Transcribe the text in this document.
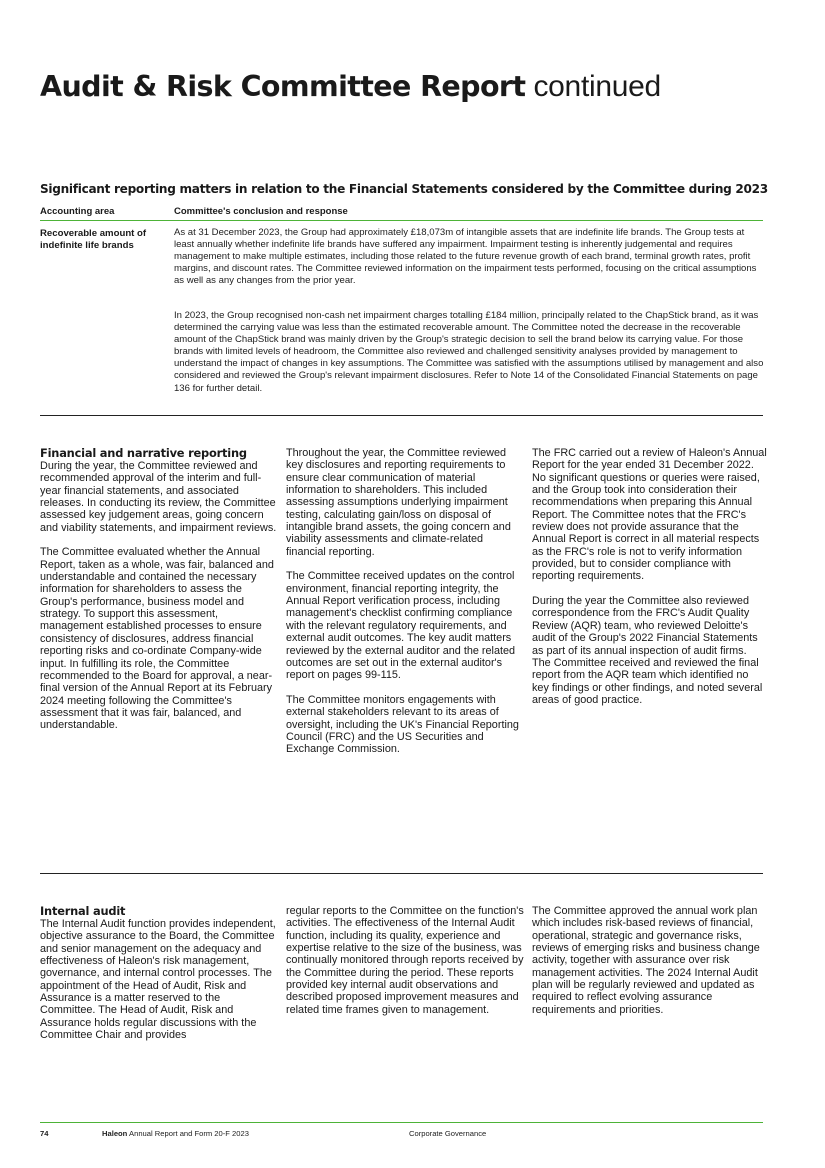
Audit & Risk Committee Report continued
Significant reporting matters in relation to the Financial Statements considered by the Committee during 2023
Accounting area	Committee's conclusion and response
Recoverable amount of indefinite life brands

As at 31 December 2023, the Group had approximately £18,073m of intangible assets that are indefinite life brands. The Group tests at least annually whether indefinite life brands have suffered any impairment. Impairment testing is inherently judgemental and requires management to make multiple estimates, including those related to the future revenue growth of each brand, terminal growth rates, profit margins, and discount rates. The Committee reviewed information on the impairment tests performed, focusing on the critical assumptions as well as any changes from the prior year.

In 2023, the Group recognised non-cash net impairment charges totalling £184 million, principally related to the ChapStick brand, as it was determined the carrying value was less than the estimated recoverable amount. The Committee noted the decrease in the recoverable amount of the ChapStick brand was mainly driven by the Group's strategic decision to sell the brand below its carrying value. For those brands with limited levels of headroom, the Committee also reviewed and challenged sensitivity analyses provided by management to understand the impact of changes in key assumptions. The Committee was satisfied with the assumptions utilised by management and also considered and reviewed the Group's relevant impairment disclosures. Refer to Note 14 of the Consolidated Financial Statements on page 136 for further detail.

Financial and narrative reporting

During the year, the Committee reviewed and recommended approval of the interim and full-year financial statements, and associated releases. In conducting its review, the Committee assessed key judgement areas, going concern and viability statements, and impairment reviews.

The Committee evaluated whether the Annual Report, taken as a whole, was fair, balanced and understandable and contained the necessary information for shareholders to assess the Group's performance, business model and strategy. To support this assessment, management established processes to ensure consistency of disclosures, address financial reporting risks and co-ordinate Company-wide input. In fulfilling its role, the Committee recommended to the Board for approval, a near-final version of the Annual Report at its February 2024 meeting following the Committee's assessment that it was fair, balanced, and understandable.

Throughout the year, the Committee reviewed key disclosures and reporting requirements to ensure clear communication of material information to shareholders. This included assessing assumptions underlying impairment testing, calculating gain/loss on disposal of intangible brand assets, the going concern and viability assessments and climate-related financial reporting.

The Committee received updates on the control environment, financial reporting integrity, the Annual Report verification process, including management's checklist confirming compliance with the relevant regulatory requirements, and external audit outcomes. The key audit matters reviewed by the external auditor and the related outcomes are set out in the external auditor's report on pages 99-115.

The Committee monitors engagements with external stakeholders relevant to its areas of oversight, including the UK's Financial Reporting Council (FRC) and the US Securities and Exchange Commission.

The FRC carried out a review of Haleon's Annual Report for the year ended 31 December 2022. No significant questions or queries were raised, and the Group took into consideration their recommendations when preparing this Annual Report. The Committee notes that the FRC's review does not provide assurance that the Annual Report is correct in all material respects as the FRC's role is not to verify information provided, but to consider compliance with reporting requirements.

During the year the Committee also reviewed correspondence from the FRC's Audit Quality Review (AQR) team, who reviewed Deloitte's audit of the Group's 2022 Financial Statements as part of its annual inspection of audit firms. The Committee received and reviewed the final report from the AQR team which identified no key findings or other findings, and noted several areas of good practice.

Internal audit

The Internal Audit function provides independent, objective assurance to the Board, the Committee and senior management on the adequacy and effectiveness of Haleon's risk management, governance, and internal control processes. The appointment of the Head of Audit, Risk and Assurance is a matter reserved to the Committee. The Head of Audit, Risk and Assurance holds regular discussions with the Committee Chair and provides

regular reports to the Committee on the function's activities. The effectiveness of the Internal Audit function, including its quality, experience and expertise relative to the size of the business, was continually monitored through reports received by the Committee during the period. These reports provided key internal audit observations and described proposed improvement measures and related time frames given to management.

The Committee approved the annual work plan which includes risk-based reviews of financial, operational, strategic and governance risks, reviews of emerging risks and business change activity, together with assurance over risk management activities. The 2024 Internal Audit plan will be regularly reviewed and updated as required to reflect evolving assurance requirements and priorities.

74	Haleon Annual Report and Form 20-F 2023	Corporate Governance
